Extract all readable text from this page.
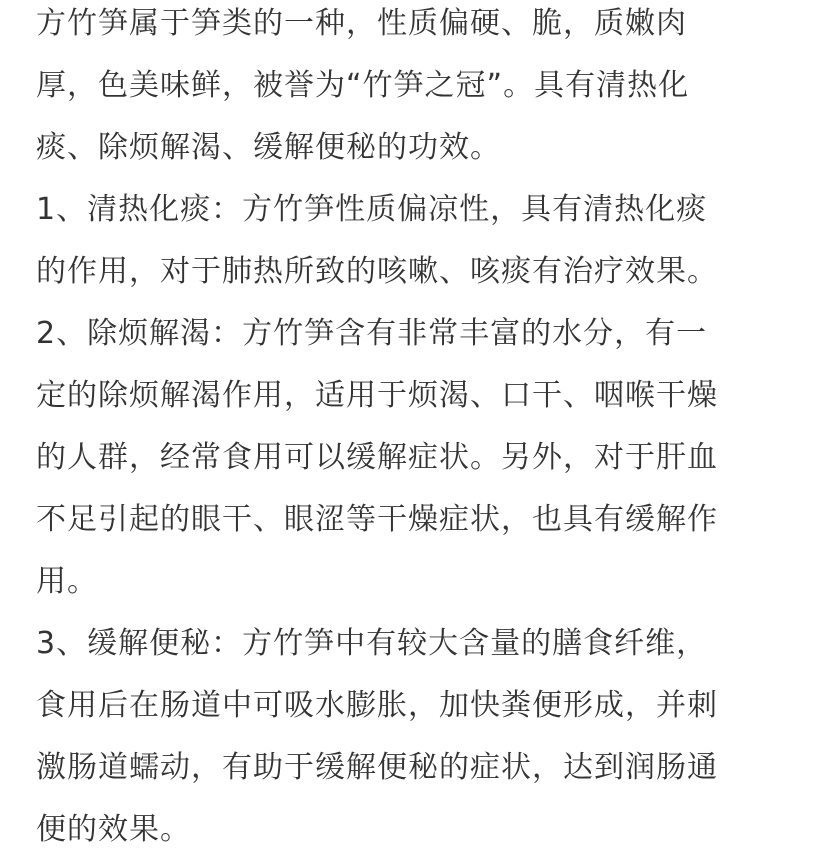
方竹笋属于笋类的一种，性质偏硬、脆，质嫩肉
厚，色美味鲜，被誉为“竹笋之冠”。具有清热化
痰、除烦解渴、缓解便秘的功效。
1、清热化痰：方竹笋性质偏凉性，具有清热化痰
的作用，对于肺热所致的咳嗽、咳痰有治疗效果。
2、除烦解渴：方竹笋含有非常丰富的水分，有一
定的除烦解渴作用，适用于烦渴、口干、咽喉干燥
的人群，经常食用可以缓解症状。另外，对于肝血
不足引起的眼干、眼涩等干燥症状，也具有缓解作
用。
3、缓解便秘：方竹笋中有较大含量的膳食纤维，
食用后在肠道中可吸水膨胀，加快粪便形成，并刺
激肠道蠕动，有助于缓解便秘的症状，达到润肠通
便的效果。
